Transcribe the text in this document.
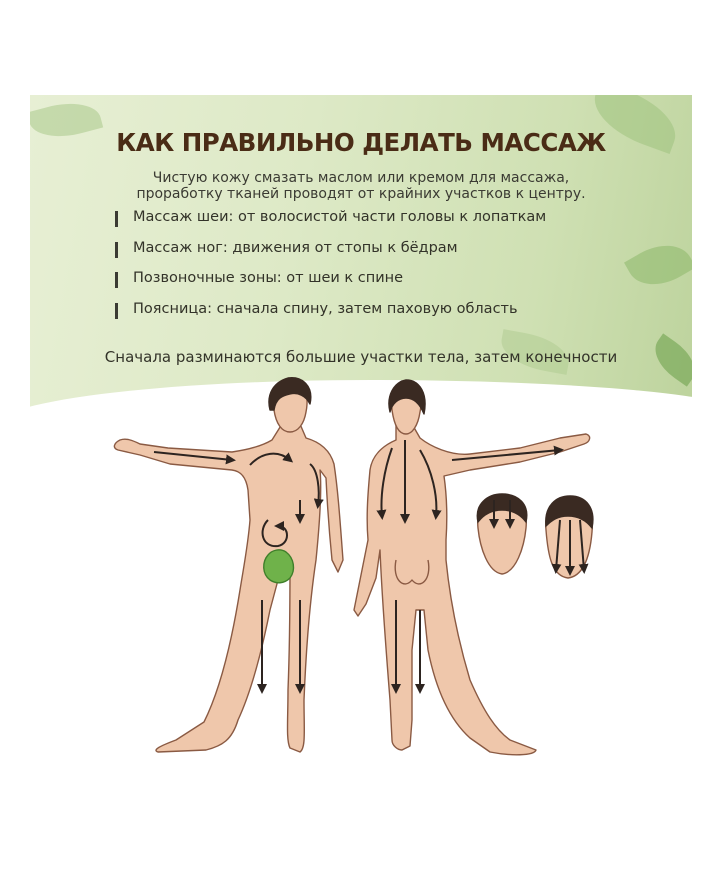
КАК ПРАВИЛЬНО ДЕЛАТЬ МАССАЖ
Чистую кожу смазать маслом или кремом для массажа,
проработку тканей проводят от крайних участков к центру.
Массаж шеи: от волосистой части головы к лопаткам
Массаж ног: движения от стопы к бёдрам
Позвоночные зоны: от шеи к спине
Поясница: сначала спину, затем паховую область
Сначала разминаются большие участки тела, затем конечности
